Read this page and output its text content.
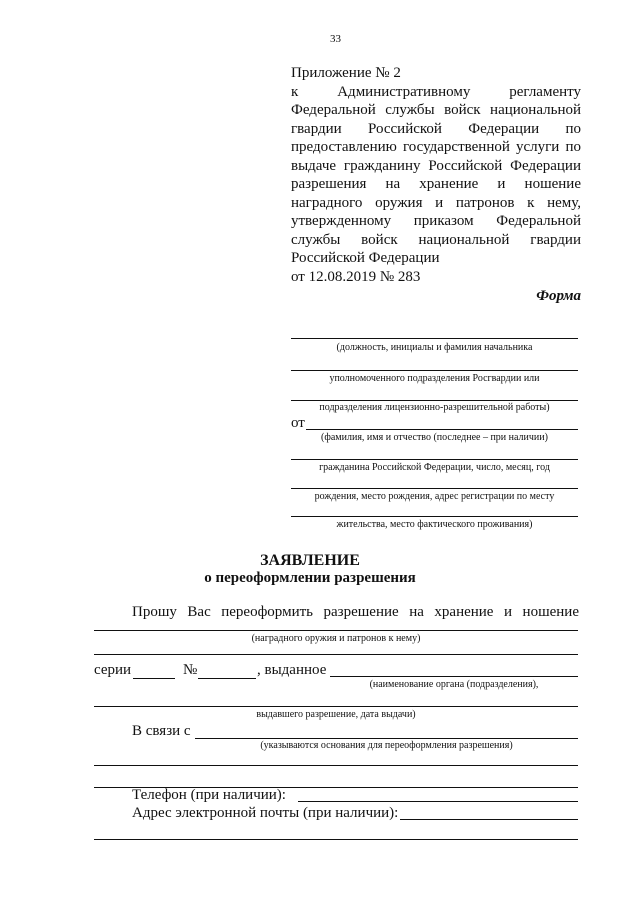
33
Приложение № 2
к Административному регламенту
Федеральной службы войск национальной
гвардии Российской Федерации по
предоставлению государственной услуги по
выдаче гражданину Российской Федерации
разрешения на хранение и ношение
наградного оружия и патронов к нему,
утвержденному приказом Федеральной
службы войск национальной гвардии
Российской Федерации
от 12.08.2019 № 283
Форма
(должность, инициалы и фамилия начальника
уполномоченного подразделения Росгвардии или
подразделения лицензионно-разрешительной работы)
от
(фамилия, имя и отчество (последнее – при наличии)
гражданина Российской Федерации, число, месяц, год
рождения, место рождения, адрес регистрации по месту
жительства, место фактического проживания)
ЗАЯВЛЕНИЕ
о переоформлении разрешения
Прошу Вас переоформить разрешение на хранение и ношение
(наградного оружия и патронов к нему)
серии	№	, выданное
(наименование органа (подразделения),
выдавшего разрешение, дата выдачи)
В связи с
(указываются основания для переоформления разрешения)
Телефон (при наличии):
Адрес электронной почты (при наличии):
